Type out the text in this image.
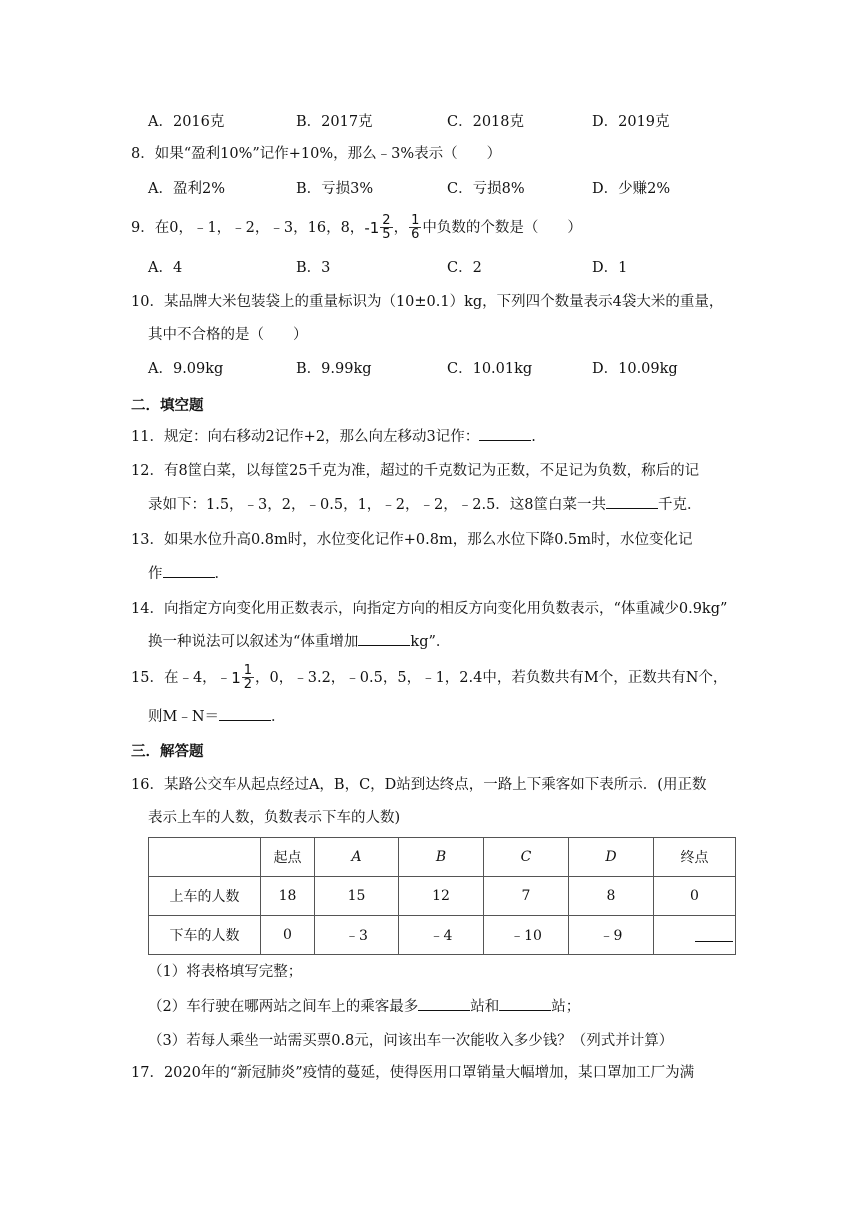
A．2016克	B．2017克	C．2018克	D．2019克
8．如果“盈利10%”记作+10%，那么﹣3%表示（　　）
A．盈利2%	B．亏损3%	C．亏损8%	D．少赚2%
9．在0，﹣1，﹣2，﹣3，16，8， $-1 \frac{2}{5}$ ， $\frac{1}{6}$ 中负数的个数是（　　）
A．4	B．3	C．2	D．1
10．某品牌大米包装袋上的重量标识为（10±0.1）kg，下列四个数量表示4袋大米的重量，
其中不合格的是（　　）
A．9.09kg	B．9.99kg	C．10.01kg	D．10.09kg
二．填空题
11．规定：向右移动2记作+2，那么向左移动3记作：	.
12．有8筐白菜，以每筐25千克为准，超过的千克数记为正数，不足记为负数，称后的记
录如下：1.5，﹣3，2，﹣0.5，1，﹣2，﹣2，﹣2.5．这8筐白菜一共	千克．
13．如果水位升高0.8m时，水位变化记作+0.8m，那么水位下降0.5m时，水位变化记
作	．
14．向指定方向变化用正数表示，向指定方向的相反方向变化用负数表示，“体重减少0.9kg”
换一种说法可以叙述为“体重增加	kg”．
15．在﹣4，﹣ $1 \frac{1}{2}$ ，0，﹣3.2，﹣0.5，5，﹣1，2.4中，若负数共有M个，正数共有N个，
则M﹣N＝	．
三．解答题
16．某路公交车从起点经过A，B，C，D站到达终点，一路上下乘客如下表所示．(用正数
表示上车的人数，负数表示下车的人数)
	起点	A	B	C	D	终点
上车的人数	18	15	12	7	8	0
下车的人数	0	﹣3	﹣4	﹣10	﹣9	
（1）将表格填写完整；
（2）车行驶在哪两站之间车上的乘客最多	站和	站；
（3）若每人乘坐一站需买票0.8元，问该出车一次能收入多少钱？（列式并计算）
17．2020年的“新冠肺炎”疫情的蔓延，使得医用口罩销量大幅增加，某口罩加工厂为满
